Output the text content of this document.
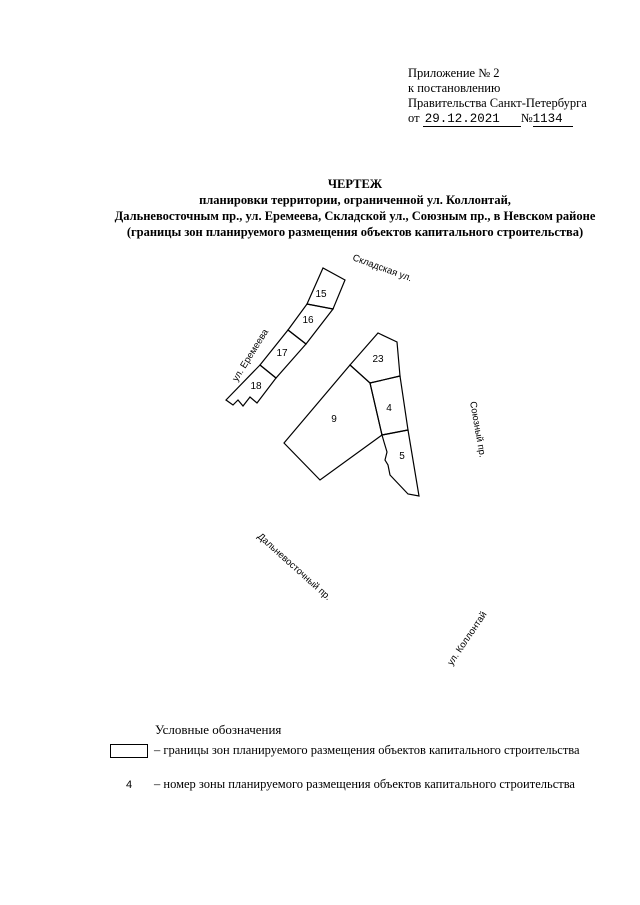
Приложение № 2
к постановлению
Правительства Санкт-Петербурга
от 29.12.2021 №1134
ЧЕРТЕЖ
планировки территории, ограниченной ул. Коллонтай,
Дальневосточным пр., ул. Еремеева, Складской ул., Союзным пр., в Невском районе
(границы зон планируемого размещения объектов капитального строительства)
15
16
17
18
23
9
4
5
Складская ул.
ул. Еремеева
Союзный пр.
Дальневосточный пр.
ул. Коллонтай
Условные обозначения
– границы зон планируемого размещения объектов капитального строительства
4	– номер зоны планируемого размещения объектов капитального строительства
